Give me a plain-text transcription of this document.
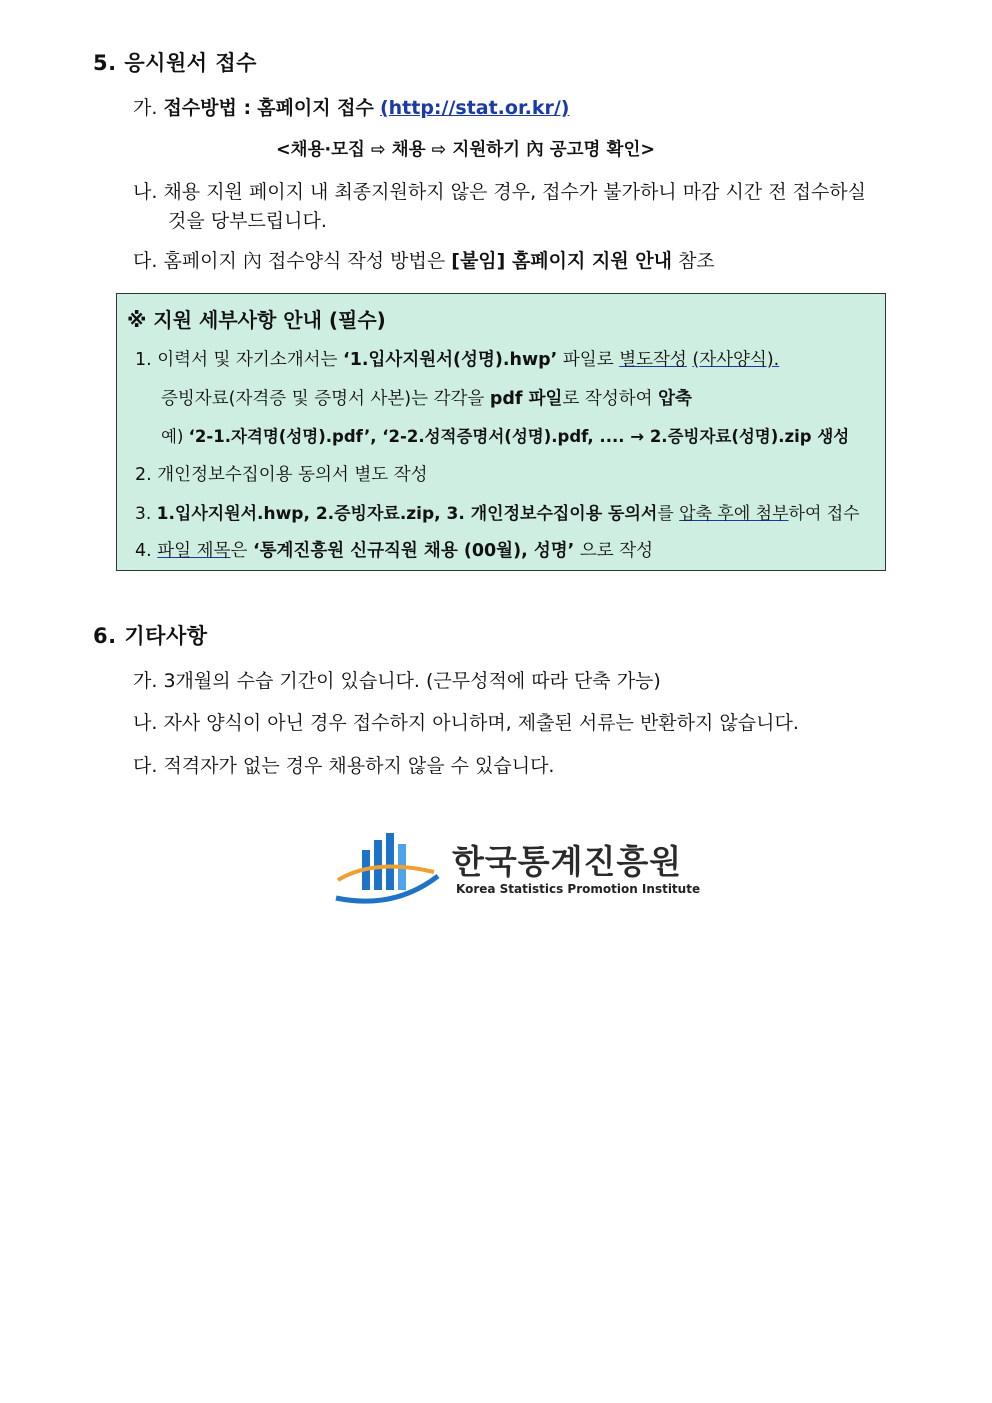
5. 응시원서 접수
가. 접수방법 : 홈페이지 접수 (http://stat.or.kr/)
<채용·모집 ⇨ 채용 ⇨ 지원하기 內 공고명 확인>
나. 채용 지원 페이지 내 최종지원하지 않은 경우, 접수가 불가하니 마감 시간 전 접수하실
것을 당부드립니다.
다. 홈페이지 內 접수양식 작성 방법은 [붙임] 홈페이지 지원 안내 참조
※ 지원 세부사항 안내 (필수)
1. 이력서 및 자기소개서는 ‘1.입사지원서(성명).hwp’ 파일로 별도작성 (자사양식).
증빙자료(자격증 및 증명서 사본)는 각각을 pdf 파일로 작성하여 압축
예) ‘2-1.자격명(성명).pdf’, ‘2-2.성적증명서(성명).pdf, .... → 2.증빙자료(성명).zip 생성
2. 개인정보수집이용 동의서 별도 작성
3. 1.입사지원서.hwp, 2.증빙자료.zip, 3. 개인정보수집이용 동의서를 압축 후에 첨부하여 접수
4. 파일 제목은 ‘통계진흥원 신규직원 채용 (00월), 성명’ 으로 작성
6. 기타사항
가. 3개월의 수습 기간이 있습니다. (근무성적에 따라 단축 가능)
나. 자사 양식이 아닌 경우 접수하지 아니하며, 제출된 서류는 반환하지 않습니다.
다. 적격자가 없는 경우 채용하지 않을 수 있습니다.
한국통계진흥원
Korea Statistics Promotion Institute
